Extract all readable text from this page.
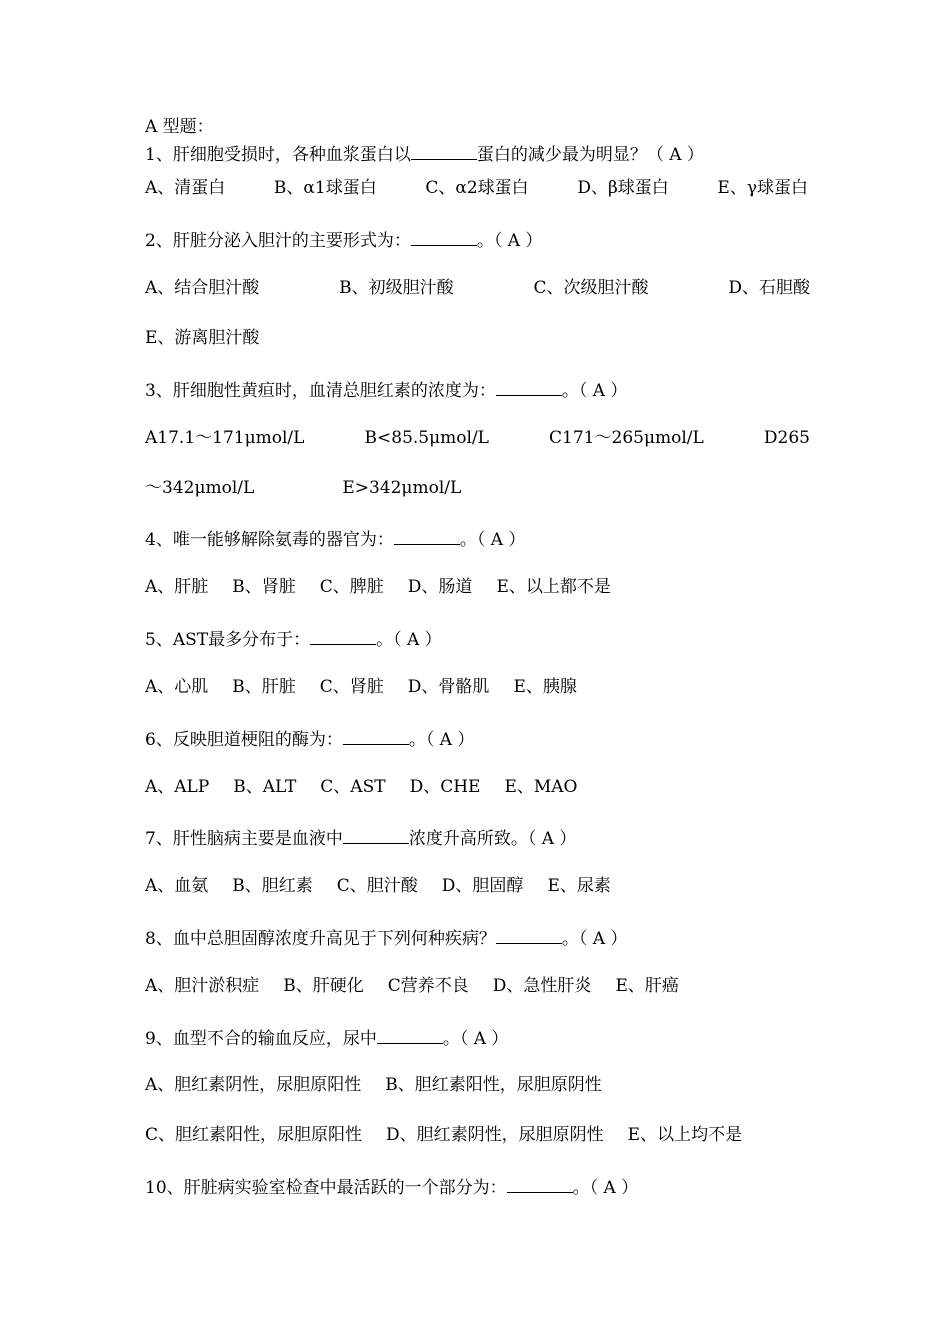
A 型题：
1、肝细胞受损时，各种血浆蛋白以	蛋白的减少最为明显？（ A ）
A、清蛋白	B、α1球蛋白	C、α2球蛋白	D、β球蛋白	E、γ球蛋白
2、肝脏分泌入胆汁的主要形式为：	。（ A ）
A、结合胆汁酸	B、初级胆汁酸	C、次级胆汁酸	D、石胆酸
E、游离胆汁酸
3、肝细胞性黄疸时，血清总胆红素的浓度为：	。（ A ）
A17.1～171μmol/L	B<85.5μmol/L	C171～265μmol/L	D265
～342μmol/L	E>342μmol/L
4、唯一能够解除氨毒的器官为：	。（ A ）
A、肝脏 B、肾脏 C、脾脏 D、肠道 E、以上都不是
5、AST最多分布于：	。（ A ）
A、心肌 B、肝脏 C、肾脏 D、骨骼肌 E、胰腺
6、反映胆道梗阻的酶为：	。（ A ）
A、ALP B、ALT C、AST D、CHE E、MAO
7、肝性脑病主要是血液中	浓度升高所致。（ A ）
A、血氨 B、胆红素 C、胆汁酸 D、胆固醇 E、尿素
8、血中总胆固醇浓度升高见于下列何种疾病？	。（ A ）
A、胆汁淤积症 B、肝硬化 C营养不良 D、急性肝炎 E、肝癌
9、血型不合的输血反应，尿中	。（ A ）
A、胆红素阴性，尿胆原阳性 B、胆红素阳性，尿胆原阴性
C、胆红素阳性，尿胆原阳性 D、胆红素阴性，尿胆原阴性 E、以上均不是
10、肝脏病实验室检查中最活跃的一个部分为：	。（ A ）
